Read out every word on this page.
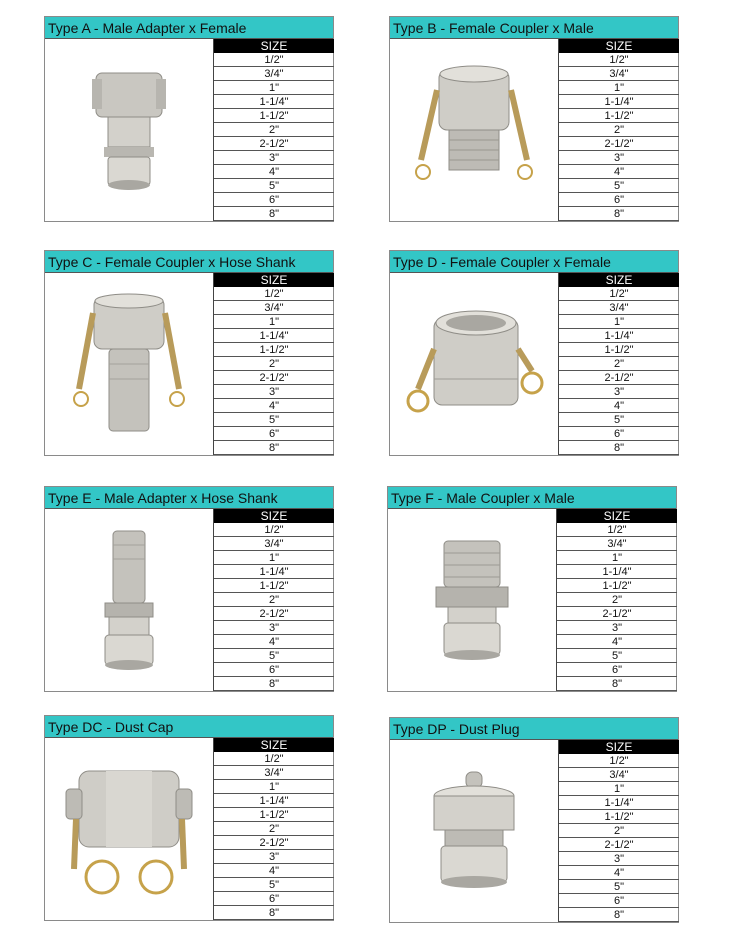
Type A - Male Adapter x Female
SIZE
1/2"
3/4"
1"
1-1/4"
1-1/2"
2"
2-1/2"
3"
4"
5"
6"
8"
Type B - Female Coupler x Male
SIZE
1/2"
3/4"
1"
1-1/4"
1-1/2"
2"
2-1/2"
3"
4"
5"
6"
8"
Type C - Female Coupler x Hose Shank
SIZE
1/2"
3/4"
1"
1-1/4"
1-1/2"
2"
2-1/2"
3"
4"
5"
6"
8"
Type D - Female Coupler x Female
SIZE
1/2"
3/4"
1"
1-1/4"
1-1/2"
2"
2-1/2"
3"
4"
5"
6"
8"
Type E - Male Adapter x Hose Shank
SIZE
1/2"
3/4"
1"
1-1/4"
1-1/2"
2"
2-1/2"
3"
4"
5"
6"
8"
Type F - Male Coupler x Male
SIZE
1/2"
3/4"
1"
1-1/4"
1-1/2"
2"
2-1/2"
3"
4"
5"
6"
8"
Type DC - Dust Cap
SIZE
1/2"
3/4"
1"
1-1/4"
1-1/2"
2"
2-1/2"
3"
4"
5"
6"
8"
Type DP - Dust Plug
SIZE
1/2"
3/4"
1"
1-1/4"
1-1/2"
2"
2-1/2"
3"
4"
5"
6"
8"
